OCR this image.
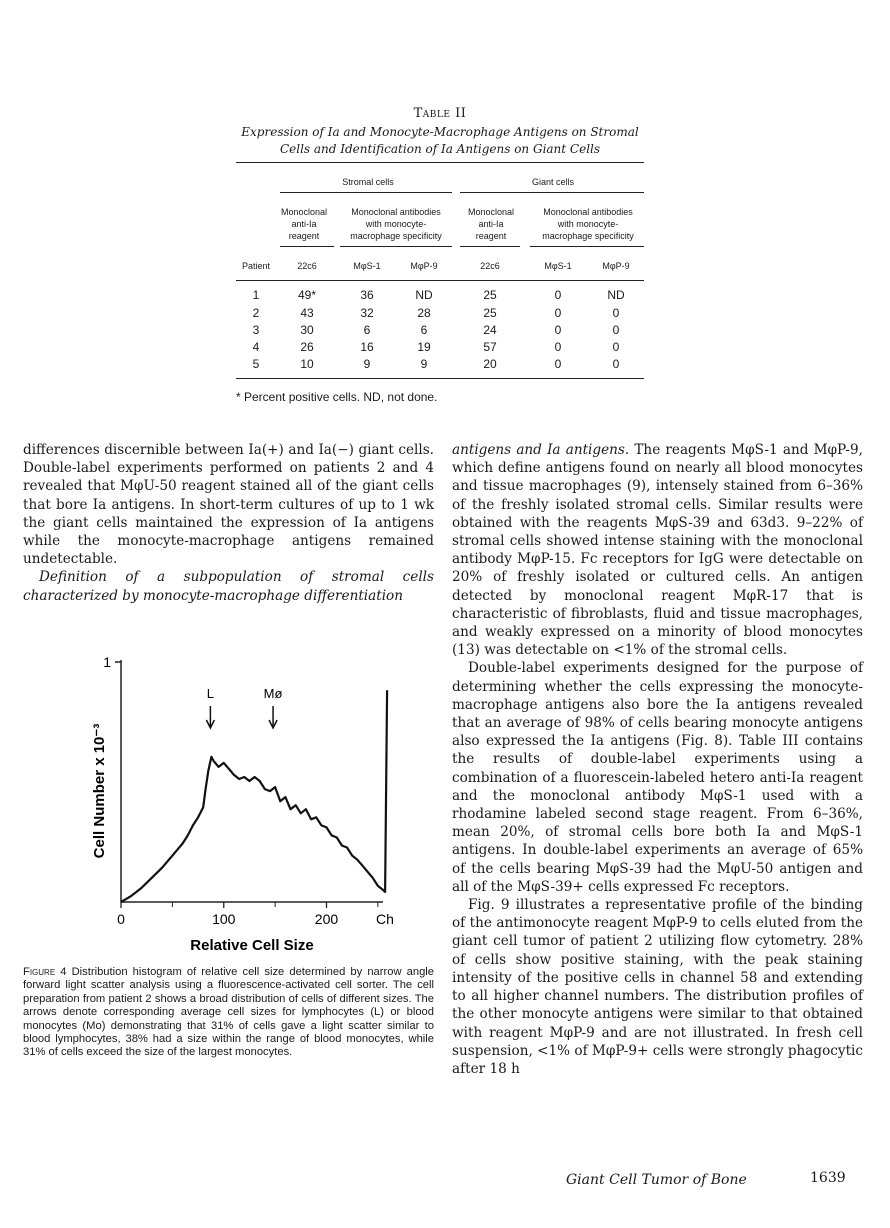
Table II
Expression of Ia and Monocyte-Macrophage Antigens on Stromal
Cells and Identification of Ia Antigens on Giant Cells
Stromal cells	Giant cells
Monoclonal
anti-Ia
reagent
Monoclonal antibodies
with monocyte-
macrophage specificity
Monoclonal
anti-Ia
reagent
Monoclonal antibodies
with monocyte-
macrophage specificity
Patient	22c6	MφS-1	MφP-9	22c6	MφS-1	MφP-9
1	49*	36	ND	25	0	ND
2	43	32	28	25	0	0
3	30	6	6	24	0	0
4	26	16	19	57	0	0
5	10	9	9	20	0	0
* Percent positive cells. ND, not done.

differences discernible between Ia(+) and Ia(−) giant cells. Double-label experiments performed on patients 2 and 4 revealed that MφU-50 reagent stained all of the giant cells that bore Ia antigens. In short-term cultures of up to 1 wk the giant cells maintained the expression of Ia antigens while the monocyte-macrophage antigens remained undetectable.

Definition of a subpopulation of stromal cells characterized by monocyte-macrophage differentiation

1
0	100	200	Ch
Relative Cell Size
Cell Number x 10⁻³
L	Mø
Figure 4 Distribution histogram of relative cell size determined by narrow angle forward light scatter analysis using a fluorescence-activated cell sorter. The cell preparation from patient 2 shows a broad distribution of cells of different sizes. The arrows denote corresponding average cell sizes for lymphocytes (L) or blood monocytes (Mo) demonstrating that 31% of cells gave a light scatter similar to blood lymphocytes, 38% had a size within the range of blood monocytes, while 31% of cells exceed the size of the largest monocytes.

antigens and Ia antigens. The reagents MφS-1 and MφP-9, which define antigens found on nearly all blood monocytes and tissue macrophages (9), intensely stained from 6–36% of the freshly isolated stromal cells. Similar results were obtained with the reagents MφS-39 and 63d3. 9–22% of stromal cells showed intense staining with the monoclonal antibody MφP-15. Fc receptors for IgG were detectable on 20% of freshly isolated or cultured cells. An antigen detected by monoclonal reagent MφR-17 that is characteristic of fibroblasts, fluid and tissue macrophages, and weakly expressed on a minority of blood monocytes (13) was detectable on <1% of the stromal cells.

Double-label experiments designed for the purpose of determining whether the cells expressing the monocyte-macrophage antigens also bore the Ia antigens revealed that an average of 98% of cells bearing monocyte antigens also expressed the Ia antigens (Fig. 8). Table III contains the results of double-label experiments using a combination of a fluorescein-labeled hetero anti-Ia reagent and the monoclonal antibody MφS-1 used with a rhodamine labeled second stage reagent. From 6–36%, mean 20%, of stromal cells bore both Ia and MφS-1 antigens. In double-label experiments an average of 65% of the cells bearing MφS-39 had the MφU-50 antigen and all of the MφS-39+ cells expressed Fc receptors.

Fig. 9 illustrates a representative profile of the binding of the antimonocyte reagent MφP-9 to cells eluted from the giant cell tumor of patient 2 utilizing flow cytometry. 28% of cells show positive staining, with the peak staining intensity of the positive cells in channel 58 and extending to all higher channel numbers. The distribution profiles of the other monocyte antigens were similar to that obtained with reagent MφP-9 and are not illustrated. In fresh cell suspension, <1% of MφP-9+ cells were strongly phagocytic after 18 h

Giant Cell Tumor of Bone	1639
